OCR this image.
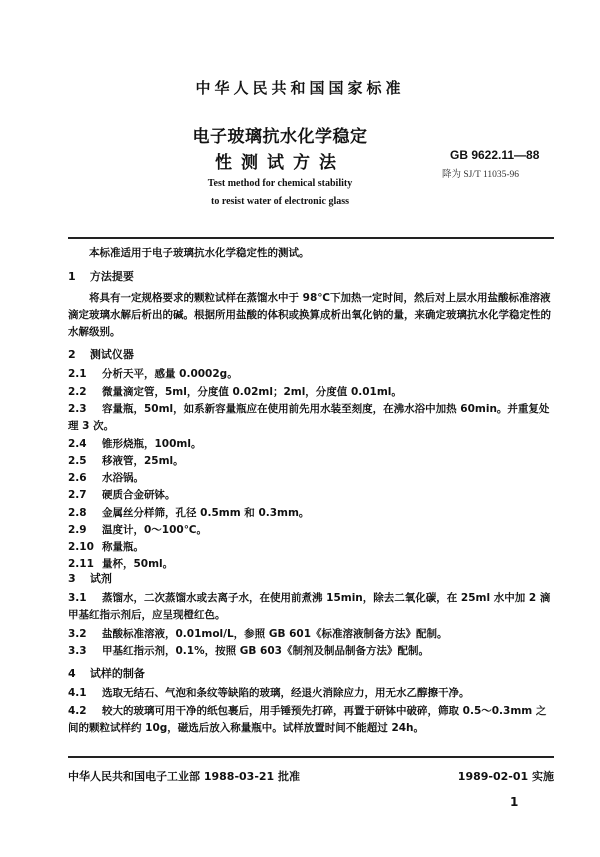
中华人民共和国国家标准
电子玻璃抗水化学稳定
性测试方法	GB 9622.11—88
降为 SJ/T 11035-96
Test method for chemical stability
to resist water of electronic glass
本标准适用于电子玻璃抗水化学稳定性的测试。
1 方法提要
将具有一定规格要求的颗粒试样在蒸馏水中于 98℃下加热一定时间，然后对上层水用盐酸标准溶液滴定玻璃水解后析出的碱。根据所用盐酸的体积或换算成析出氧化钠的量，来确定玻璃抗水化学稳定性的水解级别。
2 测试仪器
2.1 分析天平，感量 0.0002g。
2.2 微量滴定管，5ml，分度值 0.02ml；2ml，分度值 0.01ml。
2.3 容量瓶，50ml，如系新容量瓶应在使用前先用水装至刻度，在沸水浴中加热 60min。并重复处理 3 次。
2.4 锥形烧瓶，100ml。
2.5 移液管，25ml。
2.6 水浴锅。
2.7 硬质合金研钵。
2.8 金属丝分样筛，孔径 0.5mm 和 0.3mm。
2.9 温度计，0～100℃。
2.10 称量瓶。
2.11 量杯，50ml。
3 试剂
3.1 蒸馏水，二次蒸馏水或去离子水，在使用前煮沸 15min，除去二氧化碳，在 25ml 水中加 2 滴甲基红指示剂后，应呈现橙红色。
3.2 盐酸标准溶液，0.01mol/L，参照 GB 601《标准溶液制备方法》配制。
3.3 甲基红指示剂，0.1%，按照 GB 603《制剂及制品制备方法》配制。
4 试样的制备
4.1 选取无结石、气泡和条纹等缺陷的玻璃，经退火消除应力，用无水乙醇擦干净。
4.2 较大的玻璃可用干净的纸包裹后，用手锤预先打碎，再置于研钵中破碎，筛取 0.5～0.3mm 之间的颗粒试样约 10g，磁选后放入称量瓶中。试样放置时间不能超过 24h。
中华人民共和国电子工业部 1988-03-21 批准	1989-02-01 实施
1
